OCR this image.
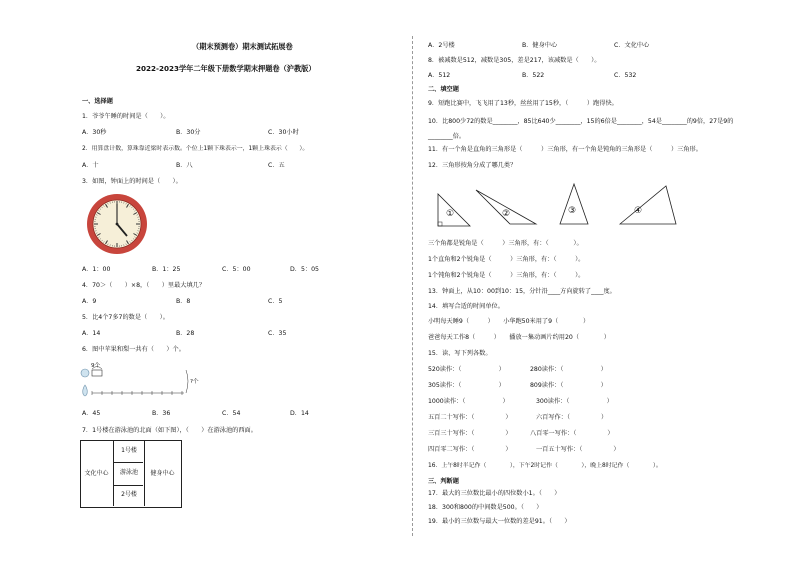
（期末预测卷）期末测试拓展卷
2022-2023学年二年级下册数学期末押题卷（沪教版）
一、选择题
1．爷爷午睡的时间是（　　）。
A．30秒	B．30分	C．30小时
2．用算盘计数，算珠靠近梁时表示数。个位上1颗下珠表示一，1颗上珠表示（　　）。
A．十	B．八	C．五
3．如图，钟面上的时间是（　　）。
A．1：00	B．1：25	C．5：00	D．5：05
4．70＞（　　）×8，（　　）里最大填几？
A．9	B．8	C．5
5．比4个7多7的数是（　　）。
A．14	B．28	C．35
6．图中苹果和梨一共有（　　）个。
9个
?个
A．45	B．36	C．54	D．14
7．1号楼在游泳池的北面（如下图），（　　）在游泳池的西面。
文化中心
1号楼
游泳池
2号楼
健身中心
A．2号楼	B．健身中心	C．文化中心
8．被减数是512，减数是305，差是217，该减数是（　　）。
A．512	B．522	C．532
二、填空题
9．短跑比赛中，飞飞用了13秒，丝丝用了15秒，（　　　）跑得快。
10．比800少72的数是________，85比640少________，15的6倍是________，54是________的9倍，27是9的________倍。
11．有一个角是直角的三角形是（　　　）三角形，有一个角是钝角的三角形是（　　　）三角形。
12．三角形按角分成了哪几类？
①	②	③	④
三个角都是锐角是（　　　）三角形，有：（　　　　）。
1个直角和2个锐角是（　　　）三角形，有：（　　　）。
1个钝角和2个锐角是（　　　）三角形，有：（　　　）。
13．钟面上，从10：00到10：15，分针沿____方向旋转了____度。
14．填写合适的时间单位。
小明每天睡9（　　　）　　小华跑50米用了9（　　　　）
爸爸每天工作8（　　　）　　播放一集动画片约用20（　　　　）
15．读、写下列各数。
520读作：（　　　　　　）	280读作：（　　　　　　）
305读作：（　　　　　　）	809读作：（　　　　　　）
1000读作：（　　　　　　）	300读作：（　　　　　　）
五百二十写作：（　　　　　）	六百写作：（　　　　　）
三百三十写作：（　　　　　）	八百零一写作：（　　　　　）
四百零二写作：（　　　　　）	一百五十写作：（　　　　　）
16．上午8时半记作（　　　　），下午2时记作（　　　　），晚上8时记作（　　　　）。
三、判断题
17．最大的三位数比最小的四位数小1。（　　）
18．300和800的中间数是500。（　　）
19．最小的三位数与最大一位数的差是91。（　　）
